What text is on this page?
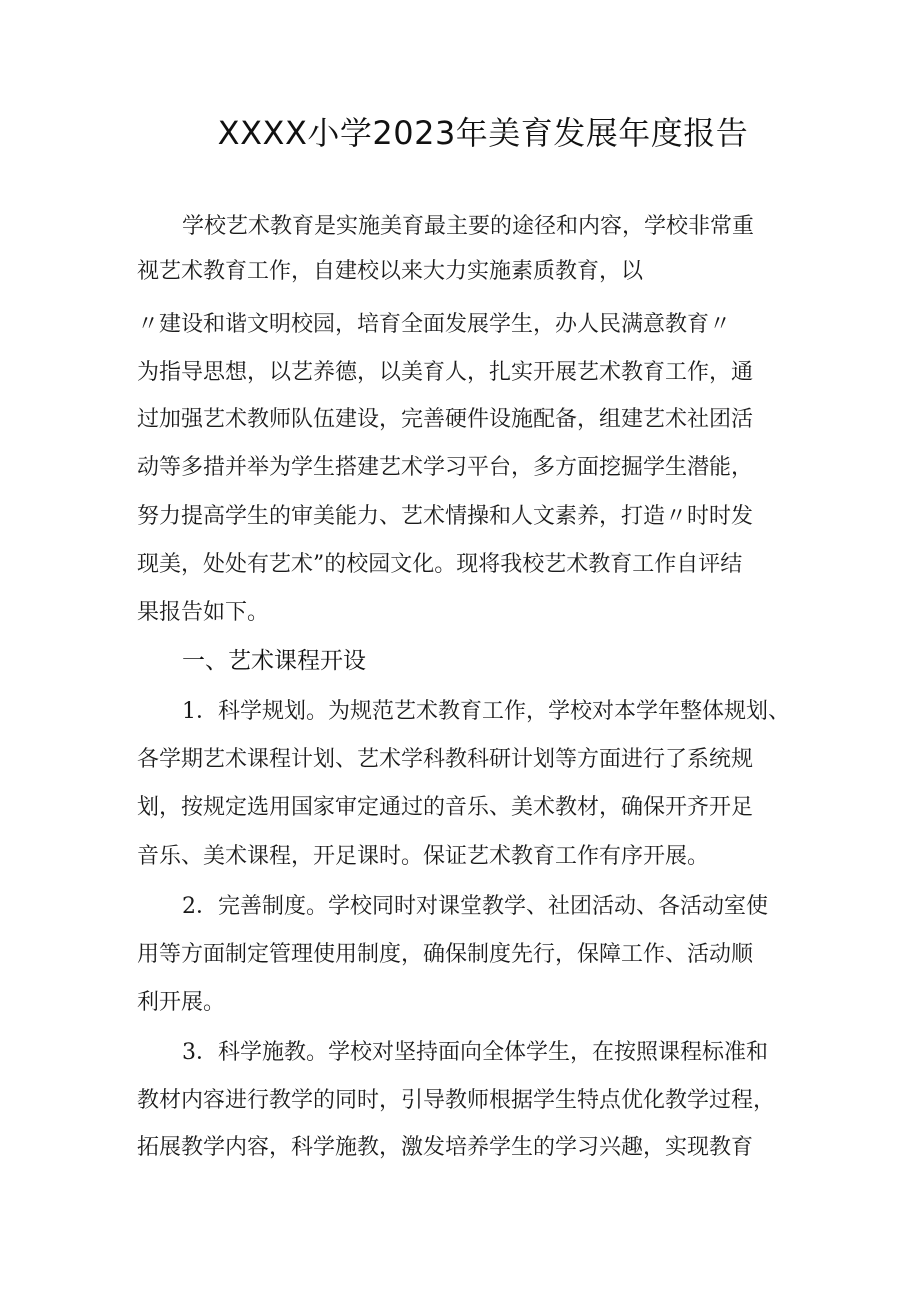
XXXX小学2023年美育发展年度报告
学校艺术教育是实施美育最主要的途径和内容，学校非常重
视艺术教育工作，自建校以来大力实施素质教育，以
〃建设和谐文明校园，培育全面发展学生，办人民满意教育〃
为指导思想，以艺养德，以美育人，扎实开展艺术教育工作，通
过加强艺术教师队伍建设，完善硬件设施配备，组建艺术社团活
动等多措并举为学生搭建艺术学习平台，多方面挖掘学生潜能，
努力提高学生的审美能力、艺术情操和人文素养，打造〃时时发
现美，处处有艺术”的校园文化。现将我校艺术教育工作自评结
果报告如下。
一、艺术课程开设
1．科学规划。为规范艺术教育工作，学校对本学年整体规划、
各学期艺术课程计划、艺术学科教科研计划等方面进行了系统规
划，按规定选用国家审定通过的音乐、美术教材，确保开齐开足
音乐、美术课程，开足课时。保证艺术教育工作有序开展。
2．完善制度。学校同时对课堂教学、社团活动、各活动室使
用等方面制定管理使用制度，确保制度先行，保障工作、活动顺
利开展。
3．科学施教。学校对坚持面向全体学生，在按照课程标准和
教材内容进行教学的同时，引导教师根据学生特点优化教学过程，
拓展教学内容，科学施教，激发培养学生的学习兴趣，实现教育
